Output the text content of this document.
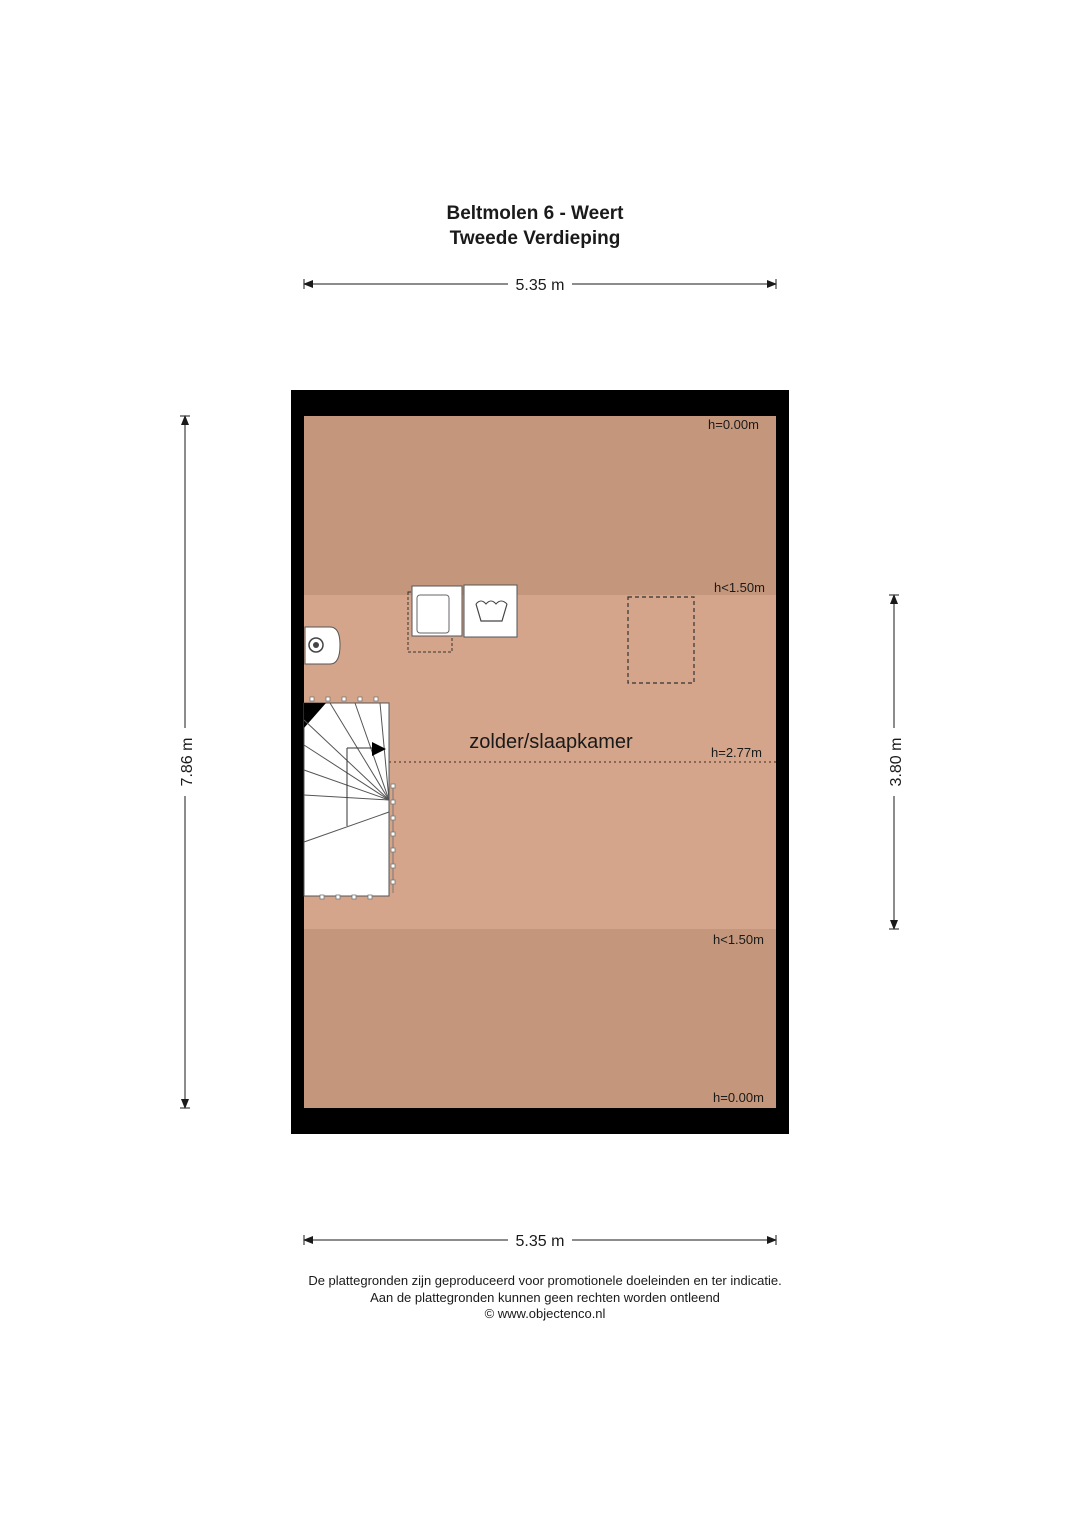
Beltmolen 6 - Weert
Tweede Verdieping
5.35 m
7.86 m	3.80 m
zolder/slaapkamer
h=0.00m
h<1.50m
h=2.77m
h<1.50m
h=0.00m
5.35 m
De plattegronden zijn geproduceerd voor promotionele doeleinden en ter indicatie.
Aan de plattegronden kunnen geen rechten worden ontleend
© www.objectenco.nl
